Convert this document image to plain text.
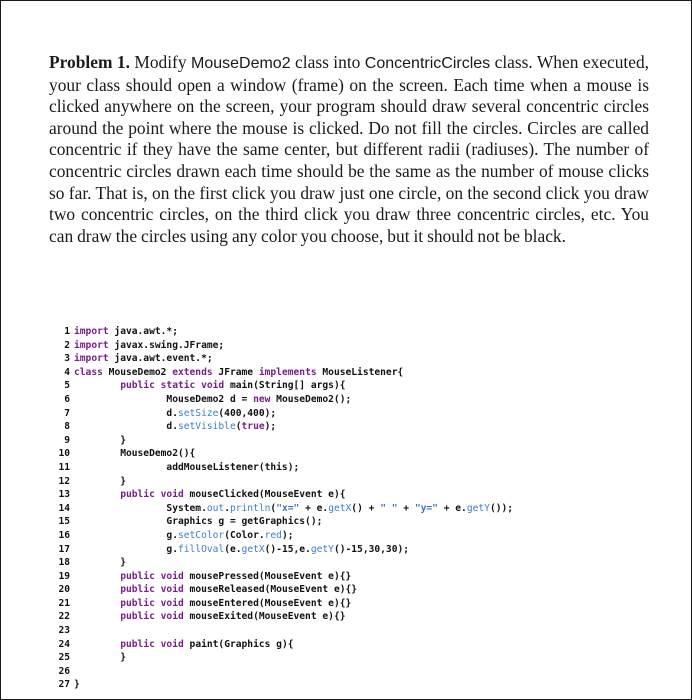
Problem 1. Modify MouseDemo2 class into ConcentricCircles class. When executed, your class should open a window (frame) on the screen. Each time when a mouse is clicked anywhere on the screen, your program should draw several concentric circles around the point where the mouse is clicked. Do not fill the circles. Circles are called concentric if they have the same center, but different radii (radiuses). The number of concentric circles drawn each time should be the same as the number of mouse clicks so far. That is, on the first click you draw just one circle, on the second click you draw two concentric circles, on the third click you draw three concentric circles, etc. You can draw the circles using any color you choose, but it should not be black.
1 import java.awt.*;
2 import javax.swing.JFrame;
3 import java.awt.event.*;
4 class MouseDemo2 extends JFrame implements MouseListener{
5	public static void main(String[] args){
6                MouseDemo2 d = new MouseDemo2();
7                d.setSize(400,400);
8                d.setVisible(true);
9        }
10        MouseDemo2(){
11                addMouseListener(this);
12        }
13	public void mouseClicked(MouseEvent e){
14                System.out.println("x=" + e.getX() + " " + "y=" + e.getY());
15                Graphics g = getGraphics();
16                g.setColor(Color.red);
17                g.fillOval(e.getX()-15,e.getY()-15,30,30);
18        }
19	public void mousePressed(MouseEvent e){}
20	public void mouseReleased(MouseEvent e){}
21	public void mouseEntered(MouseEvent e){}
22	public void mouseExited(MouseEvent e){}
23
24	public void paint(Graphics g){
25        }
26
27 }
